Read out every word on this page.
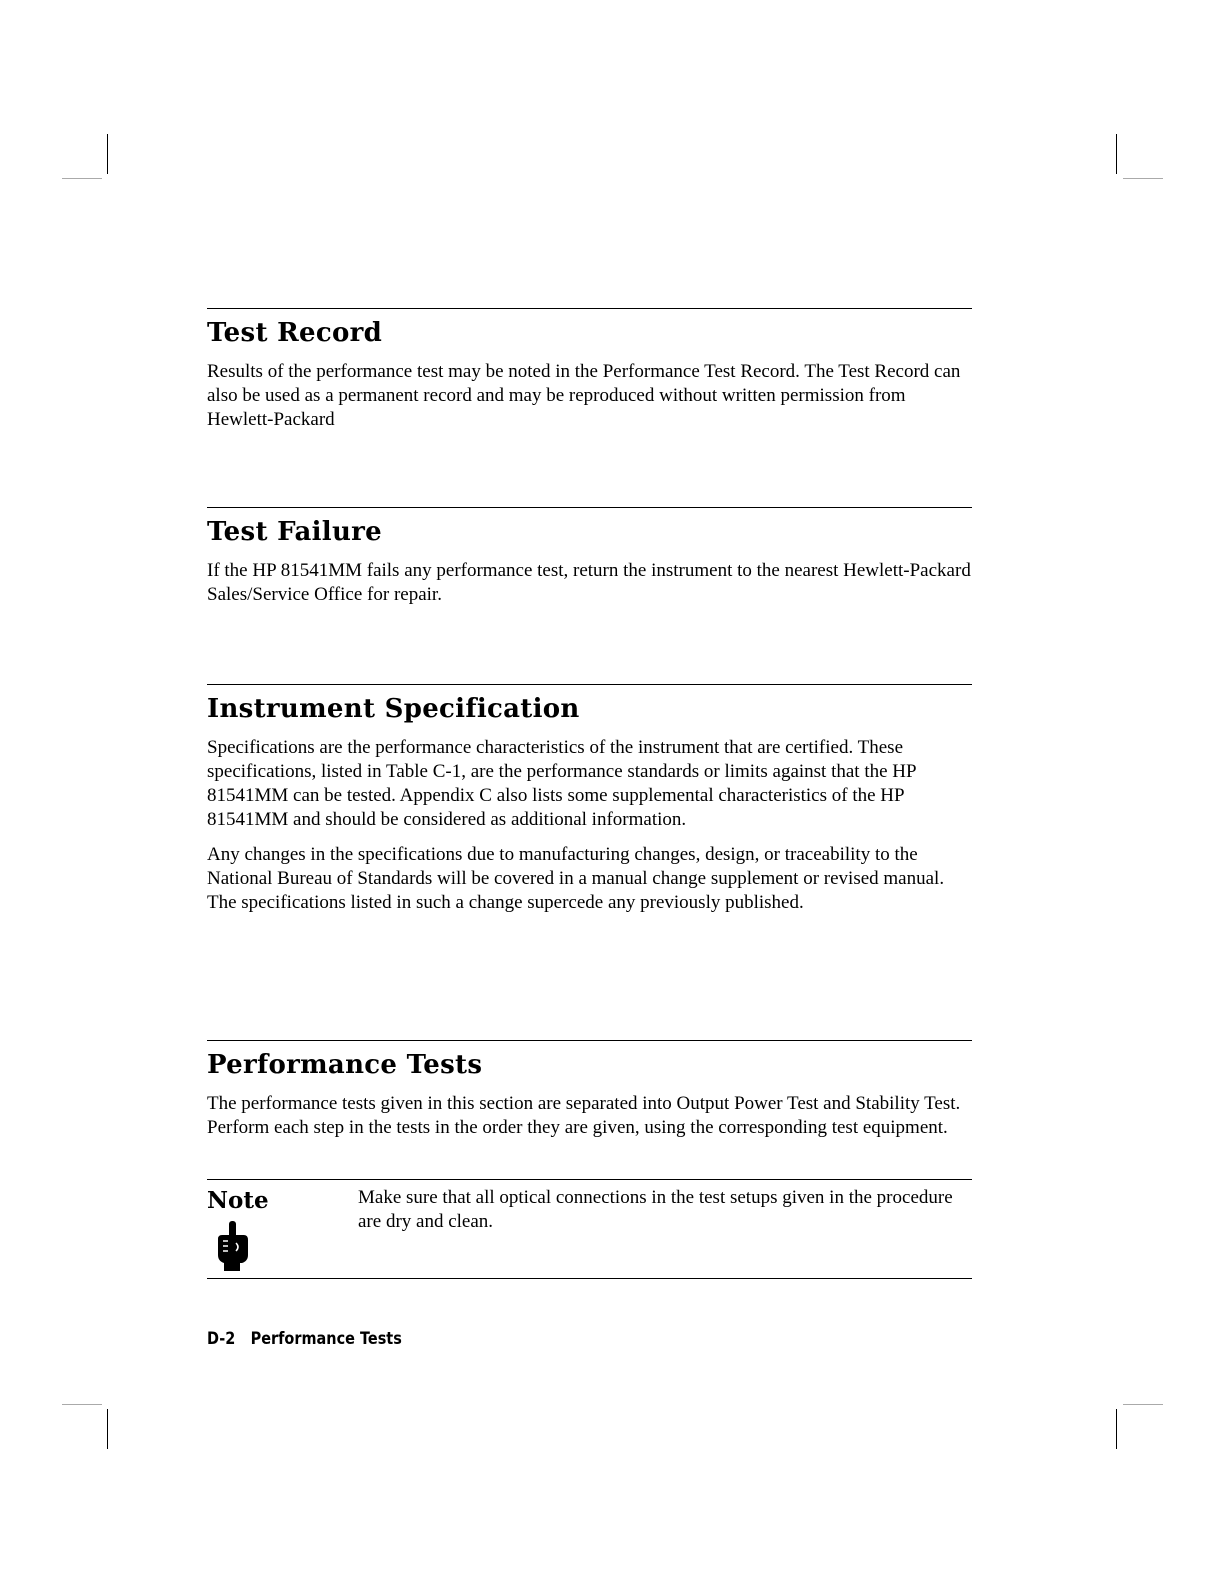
Test Record

Results of the performance test may be noted in the Performance Test Record. The Test Record can also be used as a permanent record and may be reproduced without written permission from Hewlett-Packard

Test Failure

If the HP 81541MM fails any performance test, return the instrument to the nearest Hewlett-Packard Sales/Service Office for repair.

Instrument Specification

Specifications are the performance characteristics of the instrument that are certified. These specifications, listed in Table C-1, are the performance standards or limits against that the HP 81541MM can be tested. Appendix C also lists some supplemental characteristics of the HP 81541MM and should be considered as additional information.

Any changes in the specifications due to manufacturing changes, design, or traceability to the National Bureau of Standards will be covered in a manual change supplement or revised manual. The specifications listed in such a change supercede any previously published.

Performance Tests

The performance tests given in this section are separated into Output Power Test and Stability Test. Perform each step in the tests in the order they are given, using the corresponding test equipment.

Note	Make sure that all optical connections in the test setups given in the procedure are dry and clean.
D-2 Performance Tests
